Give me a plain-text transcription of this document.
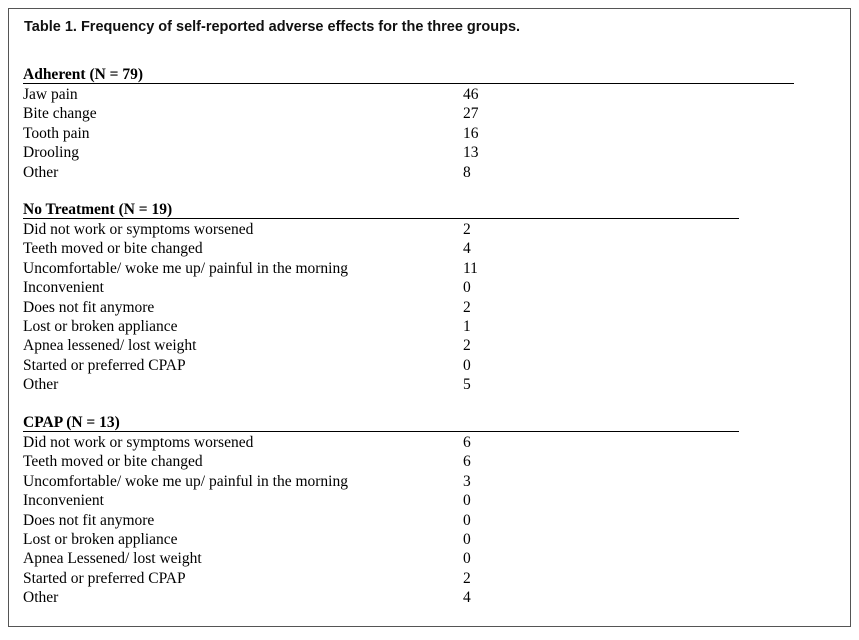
Table 1. Frequency of self-reported adverse effects for the three groups.
Adherent (N = 79)
Jaw pain	46
Bite change	27
Tooth pain	16
Drooling	13
Other	8
No Treatment (N = 19)
Did not work or symptoms worsened	2
Teeth moved or bite changed	4
Uncomfortable/ woke me up/ painful in the morning	11
Inconvenient	0
Does not fit anymore	2
Lost or broken appliance	1
Apnea lessened/ lost weight	2
Started or preferred CPAP	0
Other	5
CPAP (N = 13)
Did not work or symptoms worsened	6
Teeth moved or bite changed	6
Uncomfortable/ woke me up/ painful in the morning	3
Inconvenient	0
Does not fit anymore	0
Lost or broken appliance	0
Apnea Lessened/ lost weight	0
Started or preferred CPAP	2
Other	4
